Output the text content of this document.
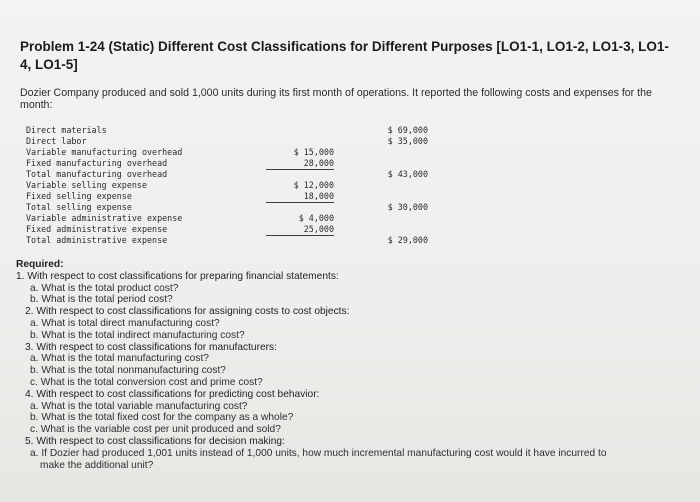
Problem 1-24 (Static) Different Cost Classifications for Different Purposes [LO1-1, LO1-2, LO1-3, LO1-4, LO1-5]
Dozier Company produced and sold 1,000 units during its first month of operations. It reported the following costs and expenses for the month:
Direct materials	$ 69,000
Direct labor	$ 35,000
Variable manufacturing overhead	$ 15,000
Fixed manufacturing overhead	28,000
Total manufacturing overhead	$ 43,000
Variable selling expense	$ 12,000
Fixed selling expense	18,000
Total selling expense	$ 30,000
Variable administrative expense	$ 4,000
Fixed administrative expense	25,000
Total administrative expense	$ 29,000
Required:
1. With respect to cost classifications for preparing financial statements:
a. What is the total product cost?
b. What is the total period cost?
2. With respect to cost classifications for assigning costs to cost objects:
a. What is total direct manufacturing cost?
b. What is the total indirect manufacturing cost?
3. With respect to cost classifications for manufacturers:
a. What is the total manufacturing cost?
b. What is the total nonmanufacturing cost?
c. What is the total conversion cost and prime cost?
4. With respect to cost classifications for predicting cost behavior:
a. What is the total variable manufacturing cost?
b. What is the total fixed cost for the company as a whole?
c. What is the variable cost per unit produced and sold?
5. With respect to cost classifications for decision making:
a. If Dozier had produced 1,001 units instead of 1,000 units, how much incremental manufacturing cost would it have incurred to
make the additional unit?
